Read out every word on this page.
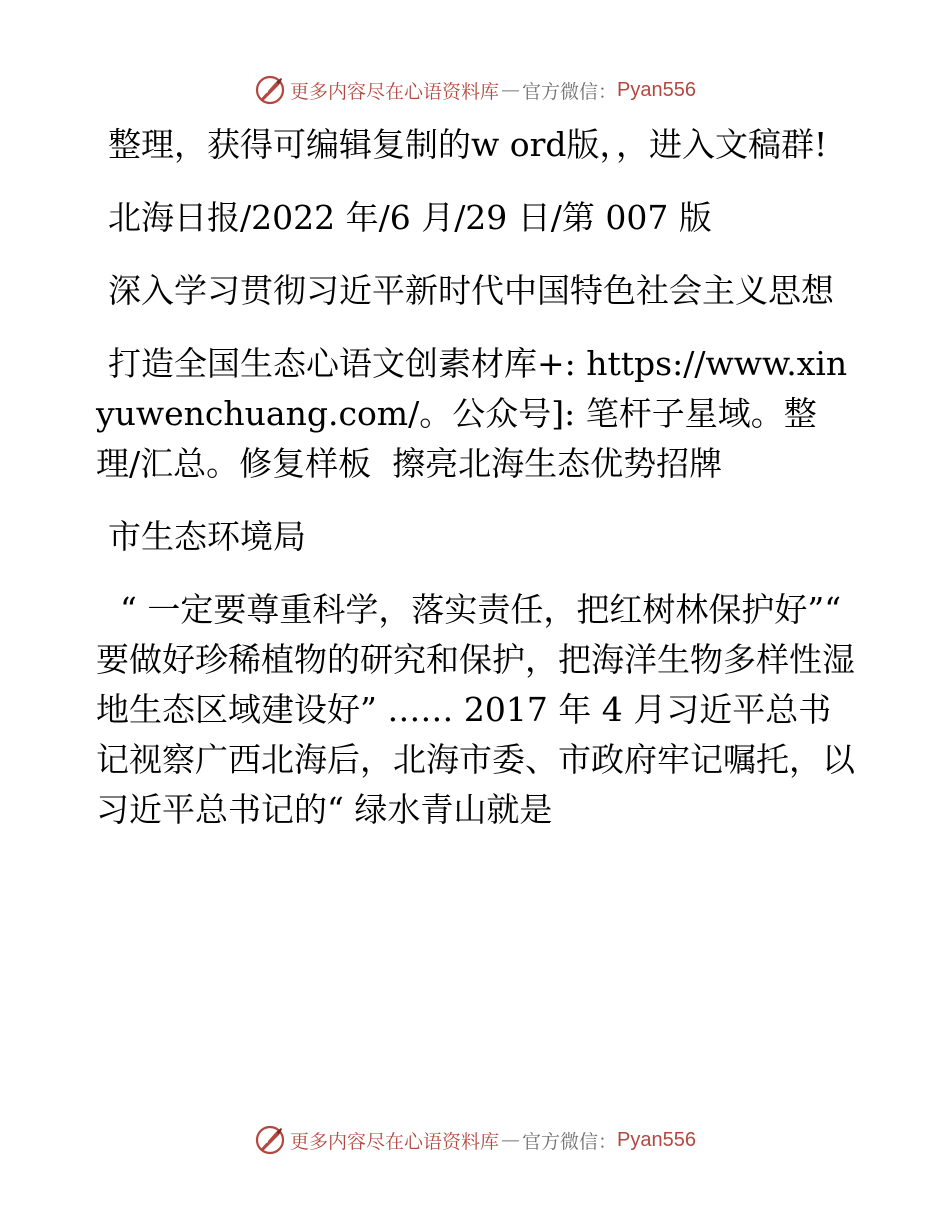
更多内容尽在心语资料库 — 官方微信： Pyan556

整理，获得可编辑复制的w ord版，，进入文稿群!

北海日报/2022 年/6 月/29 日/第 007 版

深入学习贯彻习近平新时代中国特色社会主义思想

打造全国生态心语文创素材库+: https://www.xinyuwenchuang.com/。公众号]: 笔杆子星域。整理/汇总。修复样板  擦亮北海生态优势招牌

市生态环境局

“ 一定要尊重科学，落实责任，把红树林保护好”“ 要做好珍稀植物的研究和保护，把海洋生物多样性湿地生态区域建设好” …… 2017 年 4 月习近平总书记视察广西北海后，北海市委、市政府牢记嘱托，以习近平总书记的“ 绿水青山就是

更多内容尽在心语资料库 — 官方微信： Pyan556
